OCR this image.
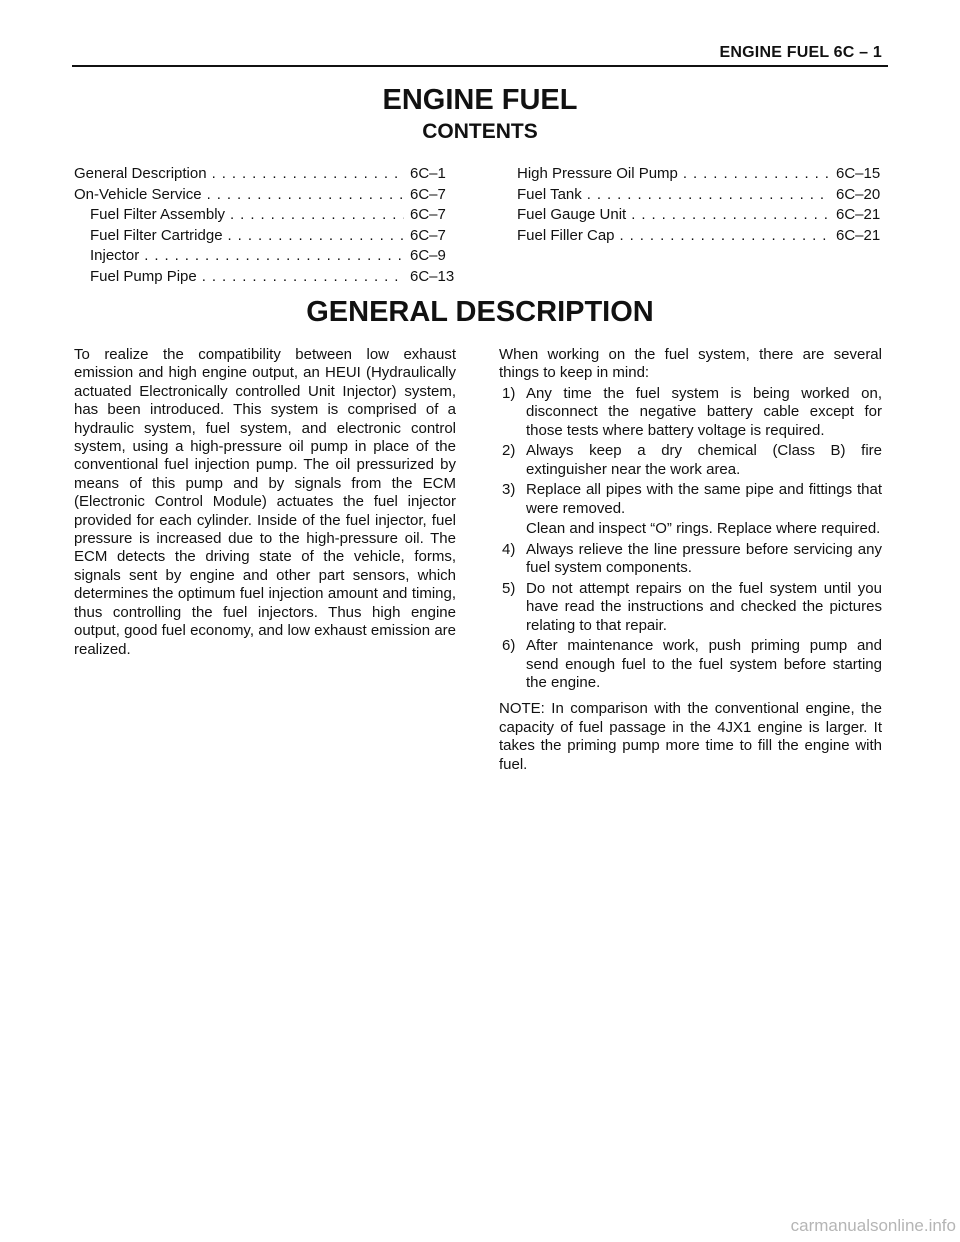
ENGINE FUEL 6C – 1
ENGINE FUEL
CONTENTS
General Description . . .	6C–1
On-Vehicle Service . . .	6C–7
Fuel Filter Assembly . . .	6C–7
Fuel Filter Cartridge . . .	6C–7
Injector . . .	6C–9
Fuel Pump Pipe . . .	6C–13
High Pressure Oil Pump . . .	6C–15
Fuel Tank . . .	6C–20
Fuel Gauge Unit . . .	6C–21
Fuel Filler Cap . . .	6C–21
GENERAL DESCRIPTION

To realize the compatibility between low exhaust emission and high engine output, an HEUI (Hydraulically actuated Electronically controlled Unit Injector) system, has been introduced. This system is comprised of a hydraulic system, fuel system, and electronic control system, using a high-pressure oil pump in place of the conventional fuel injection pump. The oil pressurized by means of this pump and by signals from the ECM (Electronic Control Module) actuates the fuel injector provided for each cylinder. Inside of the fuel injector, fuel pressure is increased due to the high-pressure oil. The ECM detects the driving state of the vehicle, forms, signals sent by engine and other part sensors, which determines the optimum fuel injection amount and timing, thus controlling the fuel injectors. Thus high engine output, good fuel economy, and low exhaust emission are realized.

When working on the fuel system, there are several things to keep in mind:

1) Any time the fuel system is being worked on, disconnect the negative battery cable except for those tests where battery voltage is required.
2) Always keep a dry chemical (Class B) fire extinguisher near the work area.
3) Replace all pipes with the same pipe and fittings that were removed.
Clean and inspect “O” rings. Replace where required.
4) Always relieve the line pressure before servicing any fuel system components.
5) Do not attempt repairs on the fuel system until you have read the instructions and checked the pictures relating to that repair.
6) After maintenance work, push priming pump and send enough fuel to the fuel system before starting the engine.

NOTE: In comparison with the conventional engine, the capacity of fuel passage in the 4JX1 engine is larger. It takes the priming pump more time to fill the engine with fuel.

carmanualsonline.info
